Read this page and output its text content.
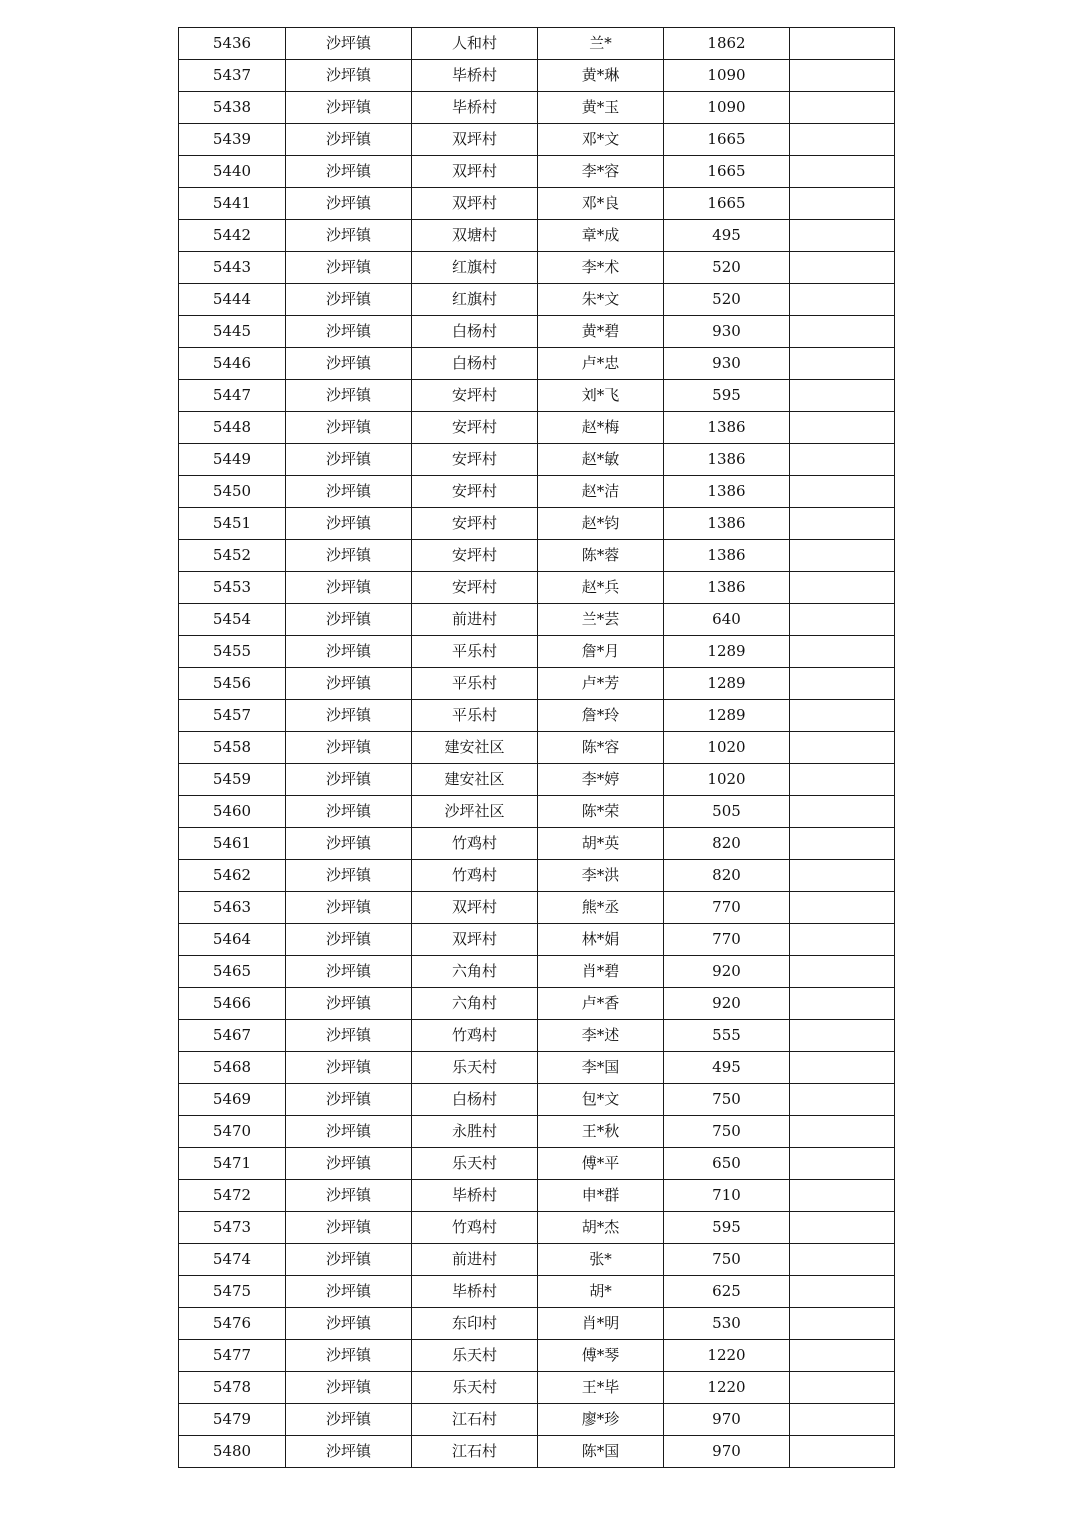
5436	沙坪镇	人和村	兰*	1862	
5437	沙坪镇	毕桥村	黄*琳	1090	
5438	沙坪镇	毕桥村	黄*玉	1090	
5439	沙坪镇	双坪村	邓*文	1665	
5440	沙坪镇	双坪村	李*容	1665	
5441	沙坪镇	双坪村	邓*良	1665	
5442	沙坪镇	双塘村	章*成	495	
5443	沙坪镇	红旗村	李*术	520	
5444	沙坪镇	红旗村	朱*文	520	
5445	沙坪镇	白杨村	黄*碧	930	
5446	沙坪镇	白杨村	卢*忠	930	
5447	沙坪镇	安坪村	刘*飞	595	
5448	沙坪镇	安坪村	赵*梅	1386	
5449	沙坪镇	安坪村	赵*敏	1386	
5450	沙坪镇	安坪村	赵*洁	1386	
5451	沙坪镇	安坪村	赵*钧	1386	
5452	沙坪镇	安坪村	陈*蓉	1386	
5453	沙坪镇	安坪村	赵*兵	1386	
5454	沙坪镇	前进村	兰*芸	640	
5455	沙坪镇	平乐村	詹*月	1289	
5456	沙坪镇	平乐村	卢*芳	1289	
5457	沙坪镇	平乐村	詹*玲	1289	
5458	沙坪镇	建安社区	陈*容	1020	
5459	沙坪镇	建安社区	李*婷	1020	
5460	沙坪镇	沙坪社区	陈*荣	505	
5461	沙坪镇	竹鸡村	胡*英	820	
5462	沙坪镇	竹鸡村	李*洪	820	
5463	沙坪镇	双坪村	熊*丞	770	
5464	沙坪镇	双坪村	林*娟	770	
5465	沙坪镇	六角村	肖*碧	920	
5466	沙坪镇	六角村	卢*香	920	
5467	沙坪镇	竹鸡村	李*述	555	
5468	沙坪镇	乐天村	李*国	495	
5469	沙坪镇	白杨村	包*文	750	
5470	沙坪镇	永胜村	王*秋	750	
5471	沙坪镇	乐天村	傅*平	650	
5472	沙坪镇	毕桥村	申*群	710	
5473	沙坪镇	竹鸡村	胡*杰	595	
5474	沙坪镇	前进村	张*	750	
5475	沙坪镇	毕桥村	胡*	625	
5476	沙坪镇	东印村	肖*明	530	
5477	沙坪镇	乐天村	傅*琴	1220	
5478	沙坪镇	乐天村	王*毕	1220	
5479	沙坪镇	江石村	廖*珍	970	
5480	沙坪镇	江石村	陈*国	970	
